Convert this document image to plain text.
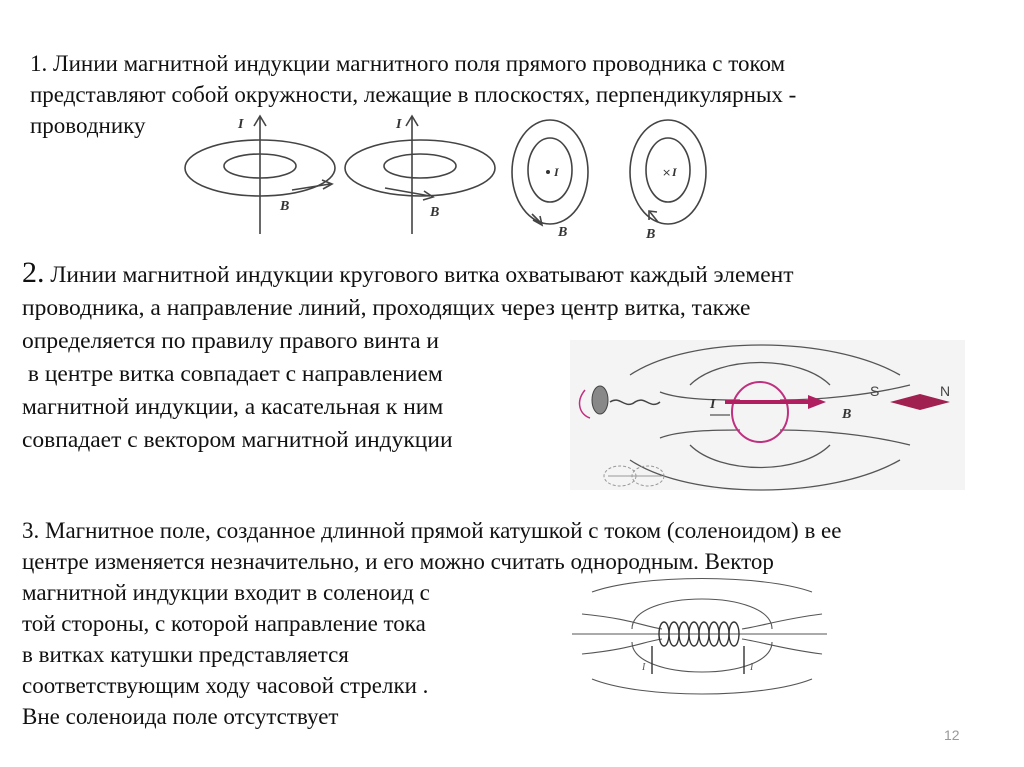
1. Линии магнитной индукции магнитного поля прямого проводника с током
представляют собой окружности, лежащие в плоскостях, перпендикулярных -
проводнику
×
I
B
I
B
I
B
I
B
2. Линии магнитной индукции кругового витка охватывают каждый элемент
проводника, а направление линий, проходящих через центр витка, также
определяется по правилу правого винта и
в центре витка совпадает с направлением
магнитной индукции, а касательная к ним
совпадает с вектором магнитной индукции
I
B
S	N
3. Магнитное поле, созданное длинной прямой катушкой с током (соленоидом) в ее
центре изменяется незначительно, и его можно считать однородным. Вектор
магнитной индукции входит в соленоид с
той стороны, с которой направление тока
в витках катушки представляется
соответствующим ходу часовой стрелки .
Вне соленоида поле отсутствует
I	I
12
